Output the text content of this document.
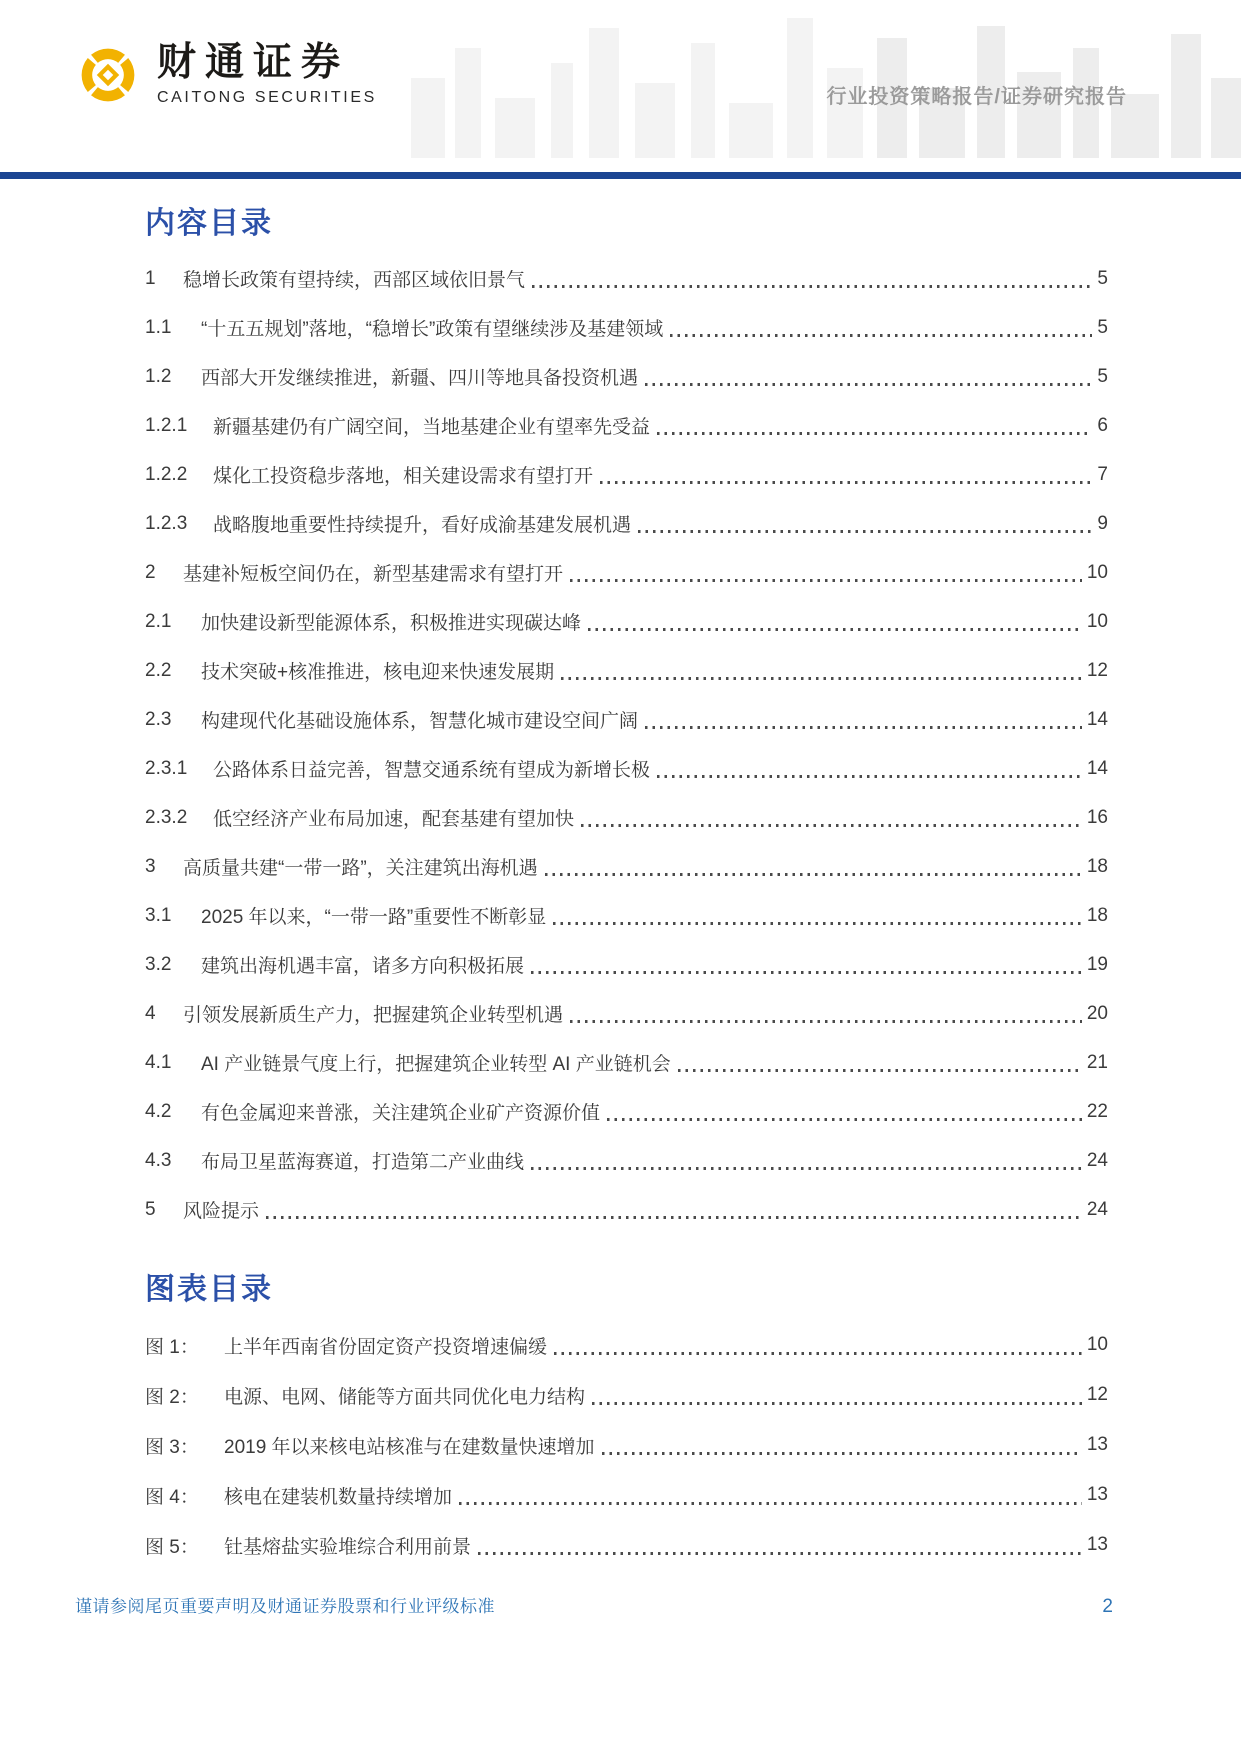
财通证券
CAITONG SECURITIES	行业投资策略报告/证券研究报告
内容目录
1	稳增长政策有望持续，西部区域依旧景气	5
1.1	“十五五规划”落地，“稳增长”政策有望继续涉及基建领域	5
1.2	西部大开发继续推进，新疆、四川等地具备投资机遇	5
1.2.1	新疆基建仍有广阔空间，当地基建企业有望率先受益	6
1.2.2	煤化工投资稳步落地，相关建设需求有望打开	7
1.2.3	战略腹地重要性持续提升，看好成渝基建发展机遇	9
2	基建补短板空间仍在，新型基建需求有望打开	10
2.1	加快建设新型能源体系，积极推进实现碳达峰	10
2.2	技术突破+核准推进，核电迎来快速发展期	12
2.3	构建现代化基础设施体系，智慧化城市建设空间广阔	14
2.3.1	公路体系日益完善，智慧交通系统有望成为新增长极	14
2.3.2	低空经济产业布局加速，配套基建有望加快	16
3	高质量共建“一带一路”，关注建筑出海机遇	18
3.1	2025 年以来，“一带一路”重要性不断彰显	18
3.2	建筑出海机遇丰富，诸多方向积极拓展	19
4	引领发展新质生产力，把握建筑企业转型机遇	20
4.1	AI 产业链景气度上行，把握建筑企业转型 AI 产业链机会	21
4.2	有色金属迎来普涨，关注建筑企业矿产资源价值	22
4.3	布局卫星蓝海赛道，打造第二产业曲线	24
5	风险提示	24
图表目录
图 1：	上半年西南省份固定资产投资增速偏缓	10
图 2：	电源、电网、储能等方面共同优化电力结构	12
图 3：	2019 年以来核电站核准与在建数量快速增加	13
图 4：	核电在建装机数量持续增加	13
图 5：	钍基熔盐实验堆综合利用前景	13
谨请参阅尾页重要声明及财通证券股票和行业评级标准	2
